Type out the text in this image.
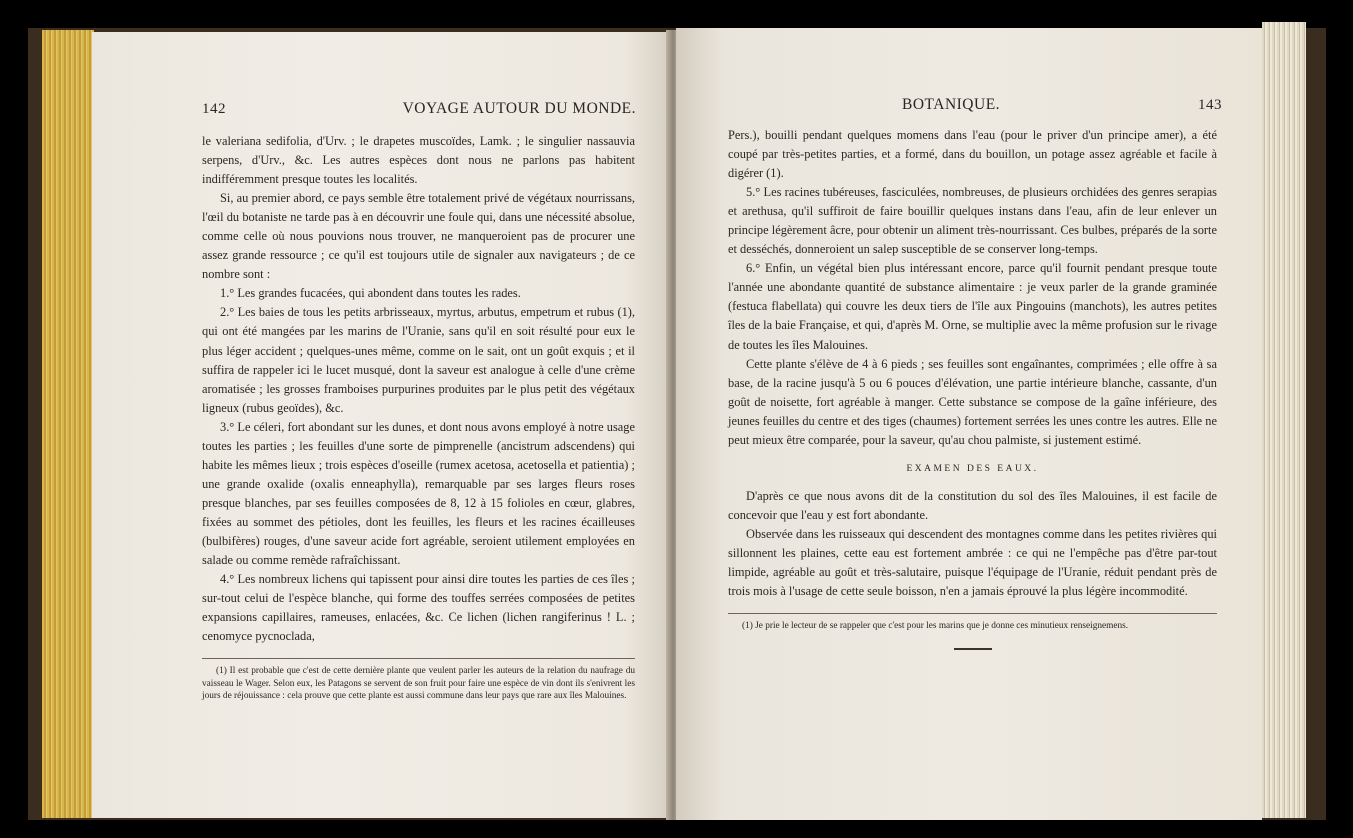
142	VOYAGE AUTOUR DU MONDE.

le valeriana sedifolia, d'Urv. ; le drapetes muscoïdes, Lamk. ; le singulier nassauvia serpens, d'Urv., &c. Les autres espèces dont nous ne parlons pas habitent indifféremment presque toutes les localités.

Si, au premier abord, ce pays semble être totalement privé de végétaux nourrissans, l'œil du botaniste ne tarde pas à en découvrir une foule qui, dans une nécessité absolue, comme celle où nous pouvions nous trouver, ne manqueroient pas de procurer une assez grande ressource ; ce qu'il est toujours utile de signaler aux navigateurs ; de ce nombre sont :

1.° Les grandes fucacées, qui abondent dans toutes les rades.

2.° Les baies de tous les petits arbrisseaux, myrtus, arbutus, empetrum et rubus (1), qui ont été mangées par les marins de l'Uranie, sans qu'il en soit résulté pour eux le plus léger accident ; quelques-unes même, comme on le sait, ont un goût exquis ; et il suffira de rappeler ici le lucet musqué, dont la saveur est analogue à celle d'une crème aromatisée ; les grosses framboises purpurines produites par le plus petit des végétaux ligneux (rubus geoïdes), &c.

3.° Le céleri, fort abondant sur les dunes, et dont nous avons employé à notre usage toutes les parties ; les feuilles d'une sorte de pimprenelle (ancistrum adscendens) qui habite les mêmes lieux ; trois espèces d'oseille (rumex acetosa, acetosella et patientia) ; une grande oxalide (oxalis enneaphylla), remarquable par ses larges fleurs roses presque blanches, par ses feuilles composées de 8, 12 à 15 folioles en cœur, glabres, fixées au sommet des pétioles, dont les feuilles, les fleurs et les racines écailleuses (bulbifères) rouges, d'une saveur acide fort agréable, seroient utilement employées en salade ou comme remède rafraîchissant.

4.° Les nombreux lichens qui tapissent pour ainsi dire toutes les parties de ces îles ; sur-tout celui de l'espèce blanche, qui forme des touffes serrées composées de petites expansions capillaires, rameuses, enlacées, &c. Ce lichen (lichen rangiferinus ! L. ; cenomyce pycnoclada,

(1) Il est probable que c'est de cette dernière plante que veulent parler les auteurs de la relation du naufrage du vaisseau le Wager. Selon eux, les Patagons se servent de son fruit pour faire une espèce de vin dont ils s'enivrent les jours de réjouissance : cela prouve que cette plante est aussi commune dans leur pays que rare aux îles Malouines.

BOTANIQUE.	143

Pers.), bouilli pendant quelques momens dans l'eau (pour le priver d'un principe amer), a été coupé par très-petites parties, et a formé, dans du bouillon, un potage assez agréable et facile à digérer (1).

5.° Les racines tubéreuses, fasciculées, nombreuses, de plusieurs orchidées des genres serapias et arethusa, qu'il suffiroit de faire bouillir quelques instans dans l'eau, afin de leur enlever un principe légèrement âcre, pour obtenir un aliment très-nourrissant. Ces bulbes, préparés de la sorte et desséchés, donneroient un salep susceptible de se conserver long-temps.

6.° Enfin, un végétal bien plus intéressant encore, parce qu'il fournit pendant presque toute l'année une abondante quantité de substance alimentaire : je veux parler de la grande graminée (festuca flabellata) qui couvre les deux tiers de l'île aux Pingouins (manchots), les autres petites îles de la baie Française, et qui, d'après M. Orne, se multiplie avec la même profusion sur le rivage de toutes les îles Malouines.

Cette plante s'élève de 4 à 6 pieds ; ses feuilles sont engaînantes, comprimées ; elle offre à sa base, de la racine jusqu'à 5 ou 6 pouces d'élévation, une partie intérieure blanche, cassante, d'un goût de noisette, fort agréable à manger. Cette substance se compose de la gaîne inférieure, des jeunes feuilles du centre et des tiges (chaumes) fortement serrées les unes contre les autres. Elle ne peut mieux être comparée, pour la saveur, qu'au chou palmiste, si justement estimé.

EXAMEN DES EAUX.

D'après ce que nous avons dit de la constitution du sol des îles Malouines, il est facile de concevoir que l'eau y est fort abondante.

Observée dans les ruisseaux qui descendent des montagnes comme dans les petites rivières qui sillonnent les plaines, cette eau est fortement ambrée : ce qui ne l'empêche pas d'être par-tout limpide, agréable au goût et très-salutaire, puisque l'équipage de l'Uranie, réduit pendant près de trois mois à l'usage de cette seule boisson, n'en a jamais éprouvé la plus légère incommodité.

(1) Je prie le lecteur de se rappeler que c'est pour les marins que je donne ces minutieux renseignemens.
